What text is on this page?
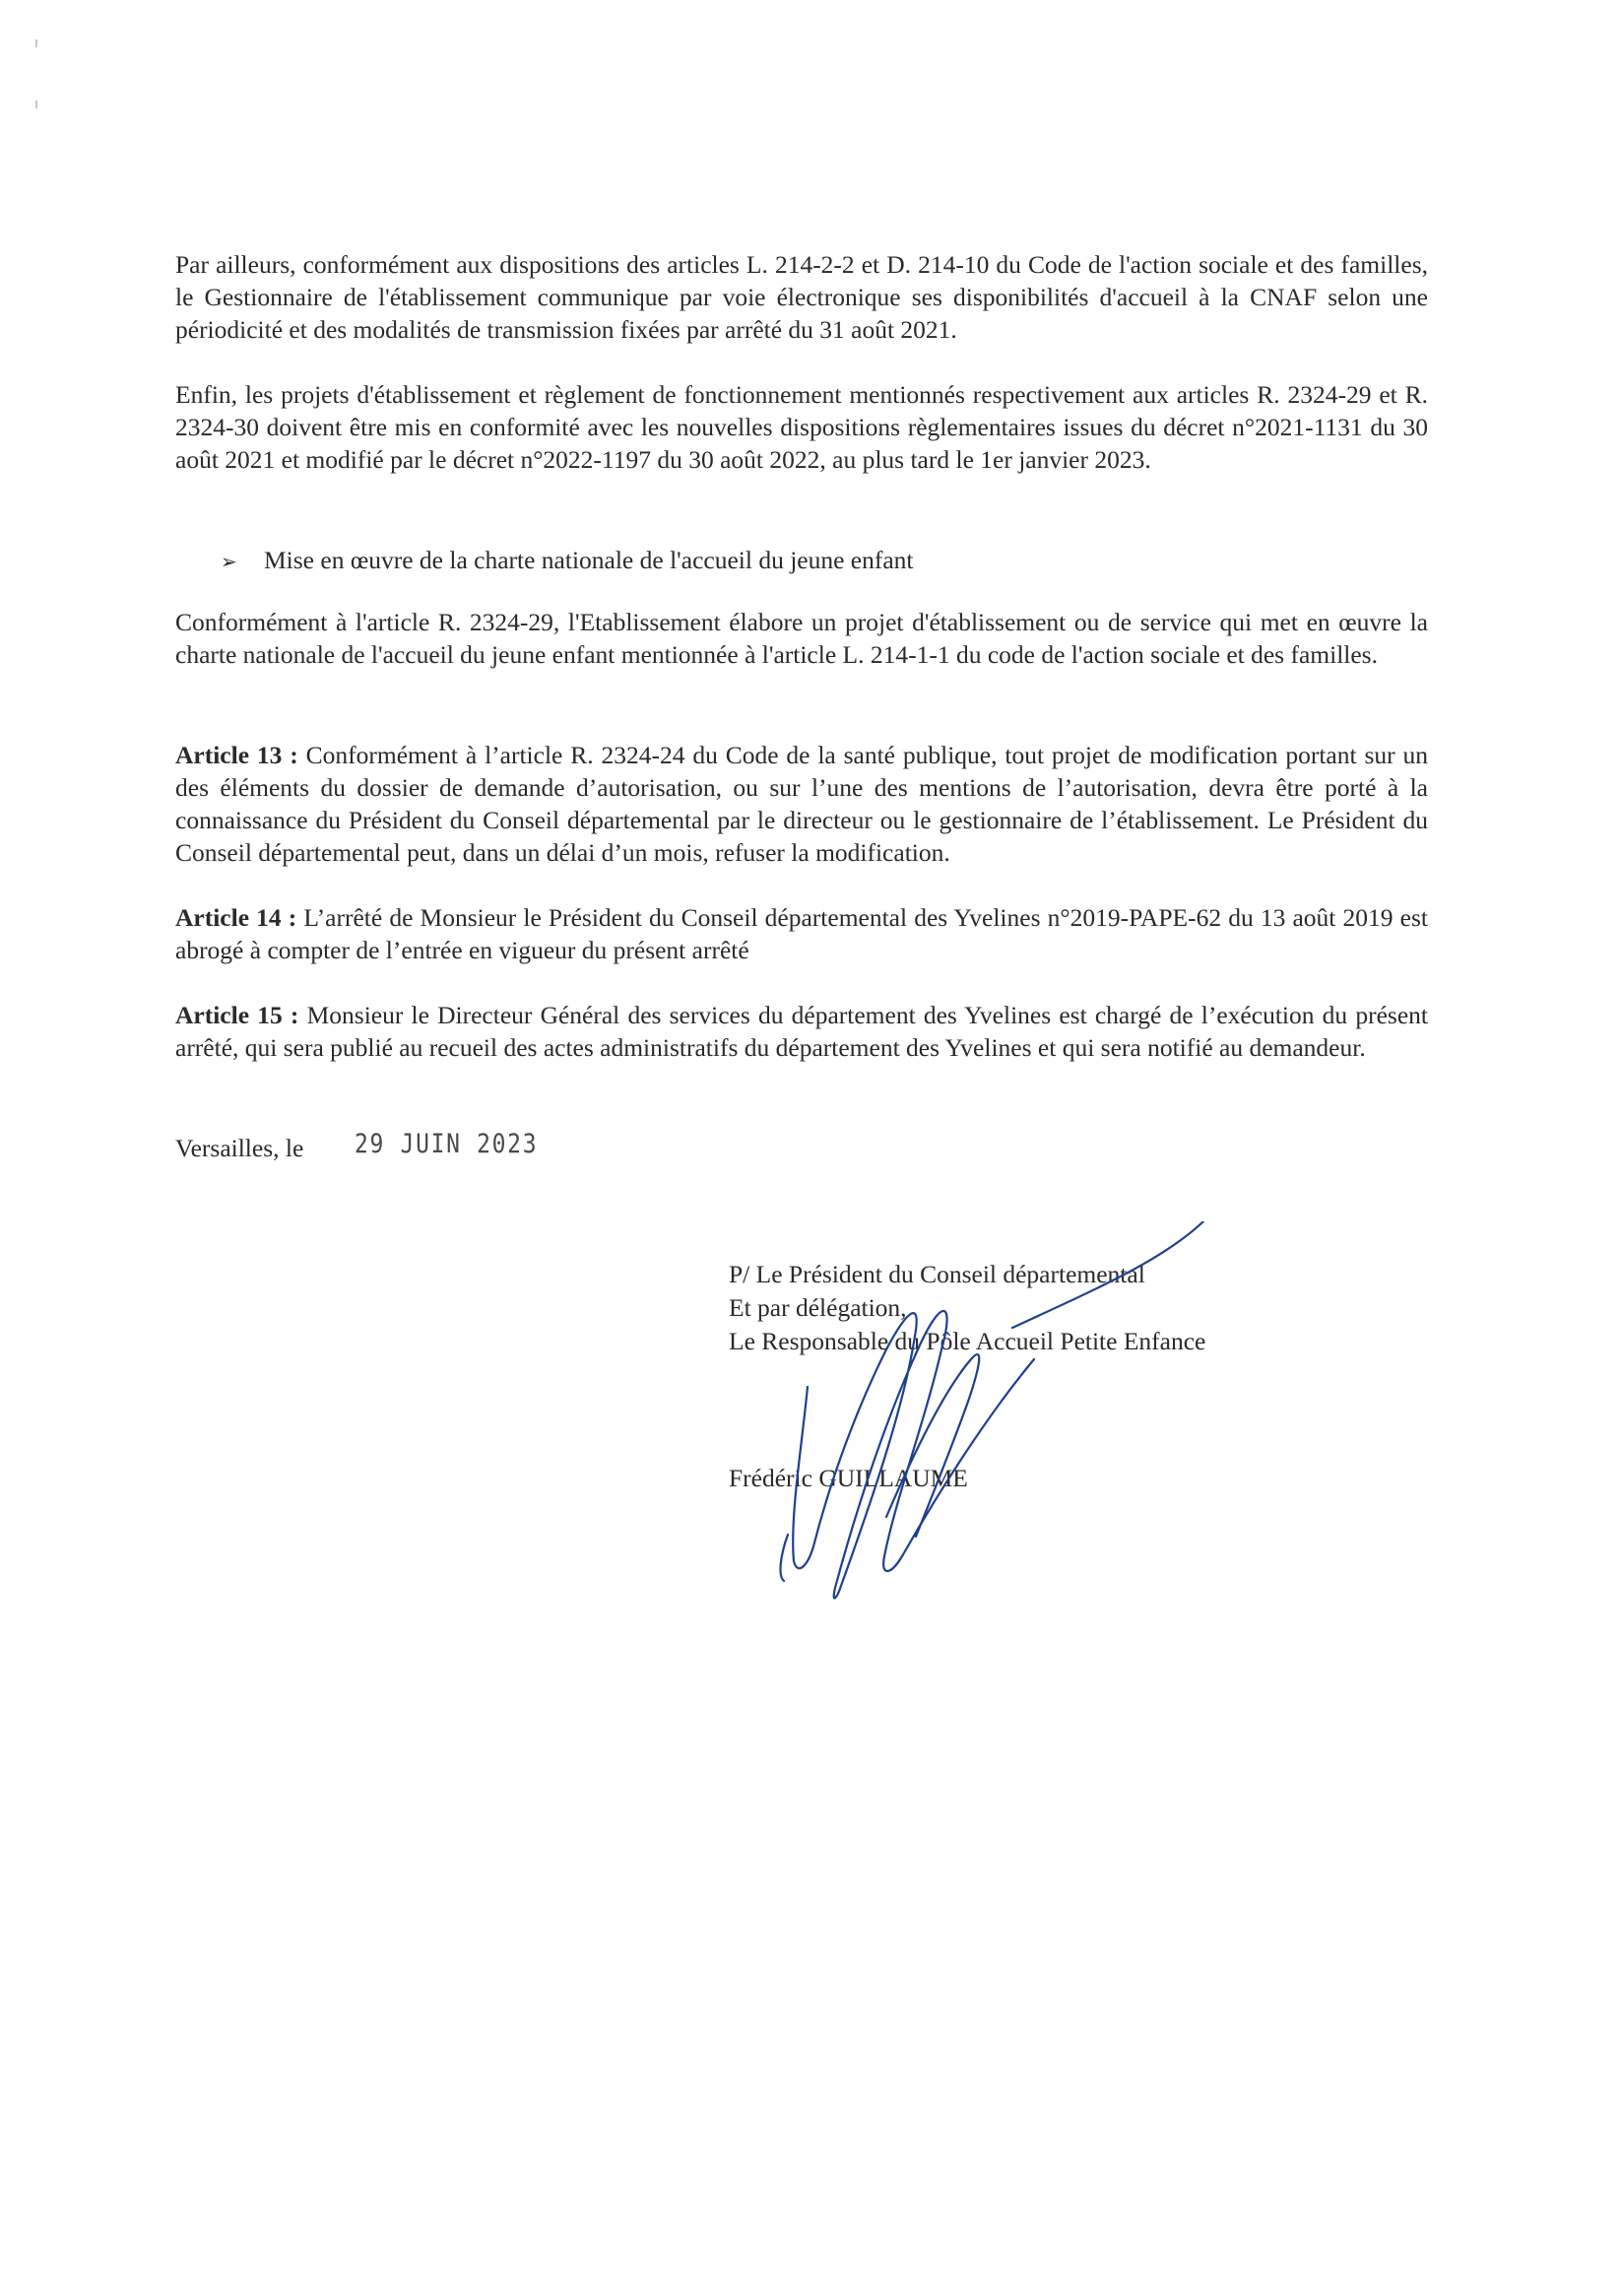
Par ailleurs, conformément aux dispositions des articles L. 214-2-2 et D. 214-10 du Code de l'action sociale et des familles, le Gestionnaire de l'établissement communique par voie électronique ses disponibilités d'accueil à la CNAF selon une périodicité et des modalités de transmission fixées par arrêté du 31 août 2021.

Enfin, les projets d'établissement et règlement de fonctionnement mentionnés respectivement aux articles R. 2324-29 et R. 2324-30 doivent être mis en conformité avec les nouvelles dispositions règlementaires issues du décret n°2021-1131 du 30 août 2021 et modifié par le décret n°2022-1197 du 30 août 2022, au plus tard le 1er janvier 2023.

➢ Mise en œuvre de la charte nationale de l'accueil du jeune enfant

Conformément à l'article R. 2324-29, l'Etablissement élabore un projet d'établissement ou de service qui met en œuvre la charte nationale de l'accueil du jeune enfant mentionnée à l'article L. 214-1-1 du code de l'action sociale et des familles.

Article 13 : Conformément à l’article R. 2324-24 du Code de la santé publique, tout projet de modification portant sur un des éléments du dossier de demande d’autorisation, ou sur l’une des mentions de l’autorisation, devra être porté à la connaissance du Président du Conseil départemental par le directeur ou le gestionnaire de l’établissement. Le Président du Conseil départemental peut, dans un délai d’un mois, refuser la modification.

Article 14 : L’arrêté de Monsieur le Président du Conseil départemental des Yvelines n°2019-PAPE-62 du 13 août 2019 est abrogé à compter de l’entrée en vigueur du présent arrêté

Article 15 : Monsieur le Directeur Général des services du département des Yvelines est chargé de l’exécution du présent arrêté, qui sera publié au recueil des actes administratifs du département des Yvelines et qui sera notifié au demandeur.

Versailles, le 29 JUIN 2023
P/ Le Président du Conseil départemental
Et par délégation,
Le Responsable du Pôle Accueil Petite Enfance
Frédéric GUILLAUME
